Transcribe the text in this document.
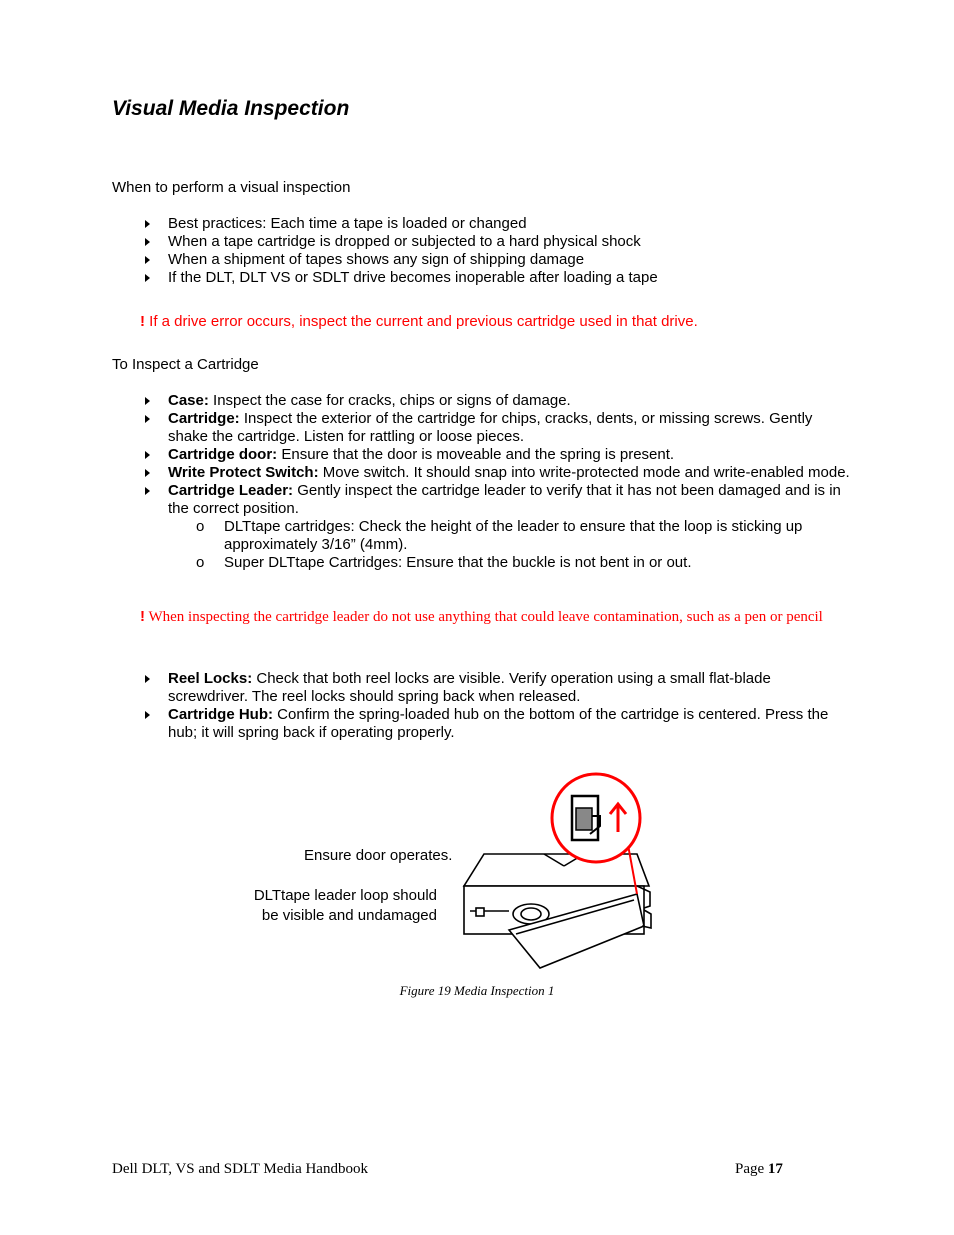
Visual Media Inspection
When to perform a visual inspection
Best practices: Each time a tape is loaded or changed
When a tape cartridge is dropped or subjected to a hard physical shock
When a shipment of tapes shows any sign of shipping damage
If the DLT, DLT VS or SDLT drive becomes inoperable after loading a tape
! If a drive error occurs, inspect the current and previous cartridge used in that drive.
To Inspect a Cartridge
Case: Inspect the case for cracks, chips or signs of damage.
Cartridge: Inspect the exterior of the cartridge for chips, cracks, dents, or missing screws. Gently shake the cartridge. Listen for rattling or loose pieces.
Cartridge door: Ensure that the door is moveable and the spring is present.
Write Protect Switch: Move switch. It should snap into write-protected mode and write-enabled mode.
Cartridge Leader: Gently inspect the cartridge leader to verify that it has not been damaged and is in the correct position.
o DLTtape cartridges: Check the height of the leader to ensure that the loop is sticking up approximately 3/16” (4mm).
o Super DLTtape Cartridges: Ensure that the buckle is not bent in or out.
! When inspecting the cartridge leader do not use anything that could leave contamination, such as a pen or pencil
Reel Locks: Check that both reel locks are visible. Verify operation using a small flat-blade screwdriver. The reel locks should spring back when released.
Cartridge Hub: Confirm the spring-loaded hub on the bottom of the cartridge is centered. Press the hub; it will spring back if operating properly.
Ensure door operates.
DLTtape leader loop should
be visible and undamaged
Figure 19 Media Inspection 1
Dell DLT, VS and SDLT Media Handbook	Page 17
